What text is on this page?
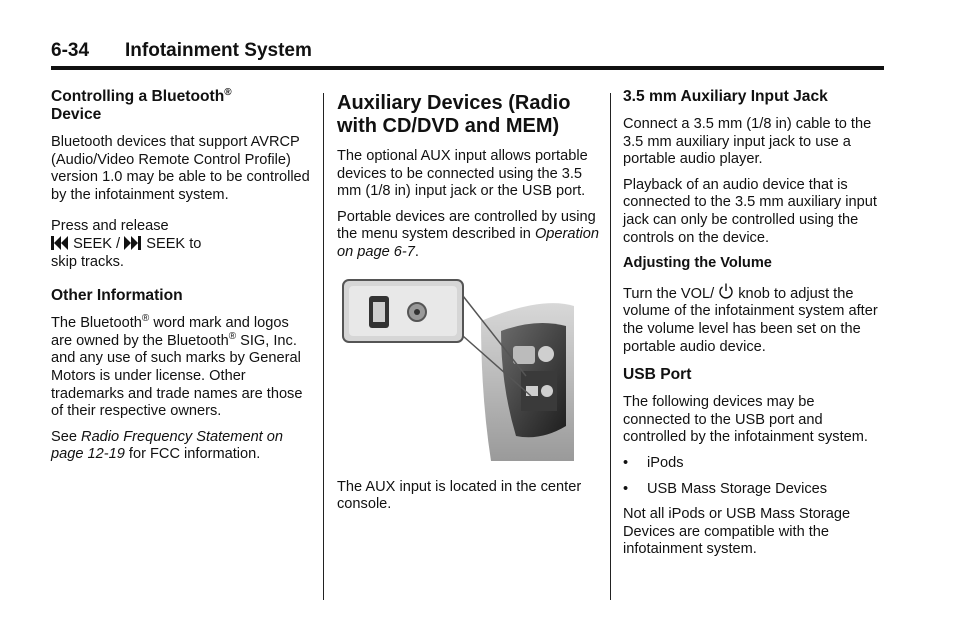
6-34 Infotainment System
Controlling a Bluetooth®
Device

Bluetooth devices that support AVRCP (Audio/Video Remote Control Profile) version 1.0 may be able to be controlled by the infotainment system.

Press and release
SEEK / SEEK to
skip tracks.

Other Information

The Bluetooth® word mark and logos are owned by the Bluetooth® SIG, Inc. and any use of such marks by General Motors is under license. Other trademarks and trade names are those of their respective owners.

See Radio Frequency Statement on page 12-19 for FCC information.

Auxiliary Devices (Radio with CD/DVD and MEM)

The optional AUX input allows portable devices to be connected using the 3.5 mm (1/8 in) input jack or the USB port.

Portable devices are controlled by using the menu system described in Operation on page 6-7.

The AUX input is located in the center console.

3.5 mm Auxiliary Input Jack

Connect a 3.5 mm (1/8 in) cable to the 3.5 mm auxiliary input jack to use a portable audio player.

Playback of an audio device that is connected to the 3.5 mm auxiliary input jack can only be controlled using the controls on the device.

Adjusting the Volume

Turn the VOL/ knob to adjust the volume of the infotainment system after the volume level has been set on the portable audio device.

USB Port

The following devices may be connected to the USB port and controlled by the infotainment system.

•	iPods
•	USB Mass Storage Devices

Not all iPods or USB Mass Storage Devices are compatible with the infotainment system.
